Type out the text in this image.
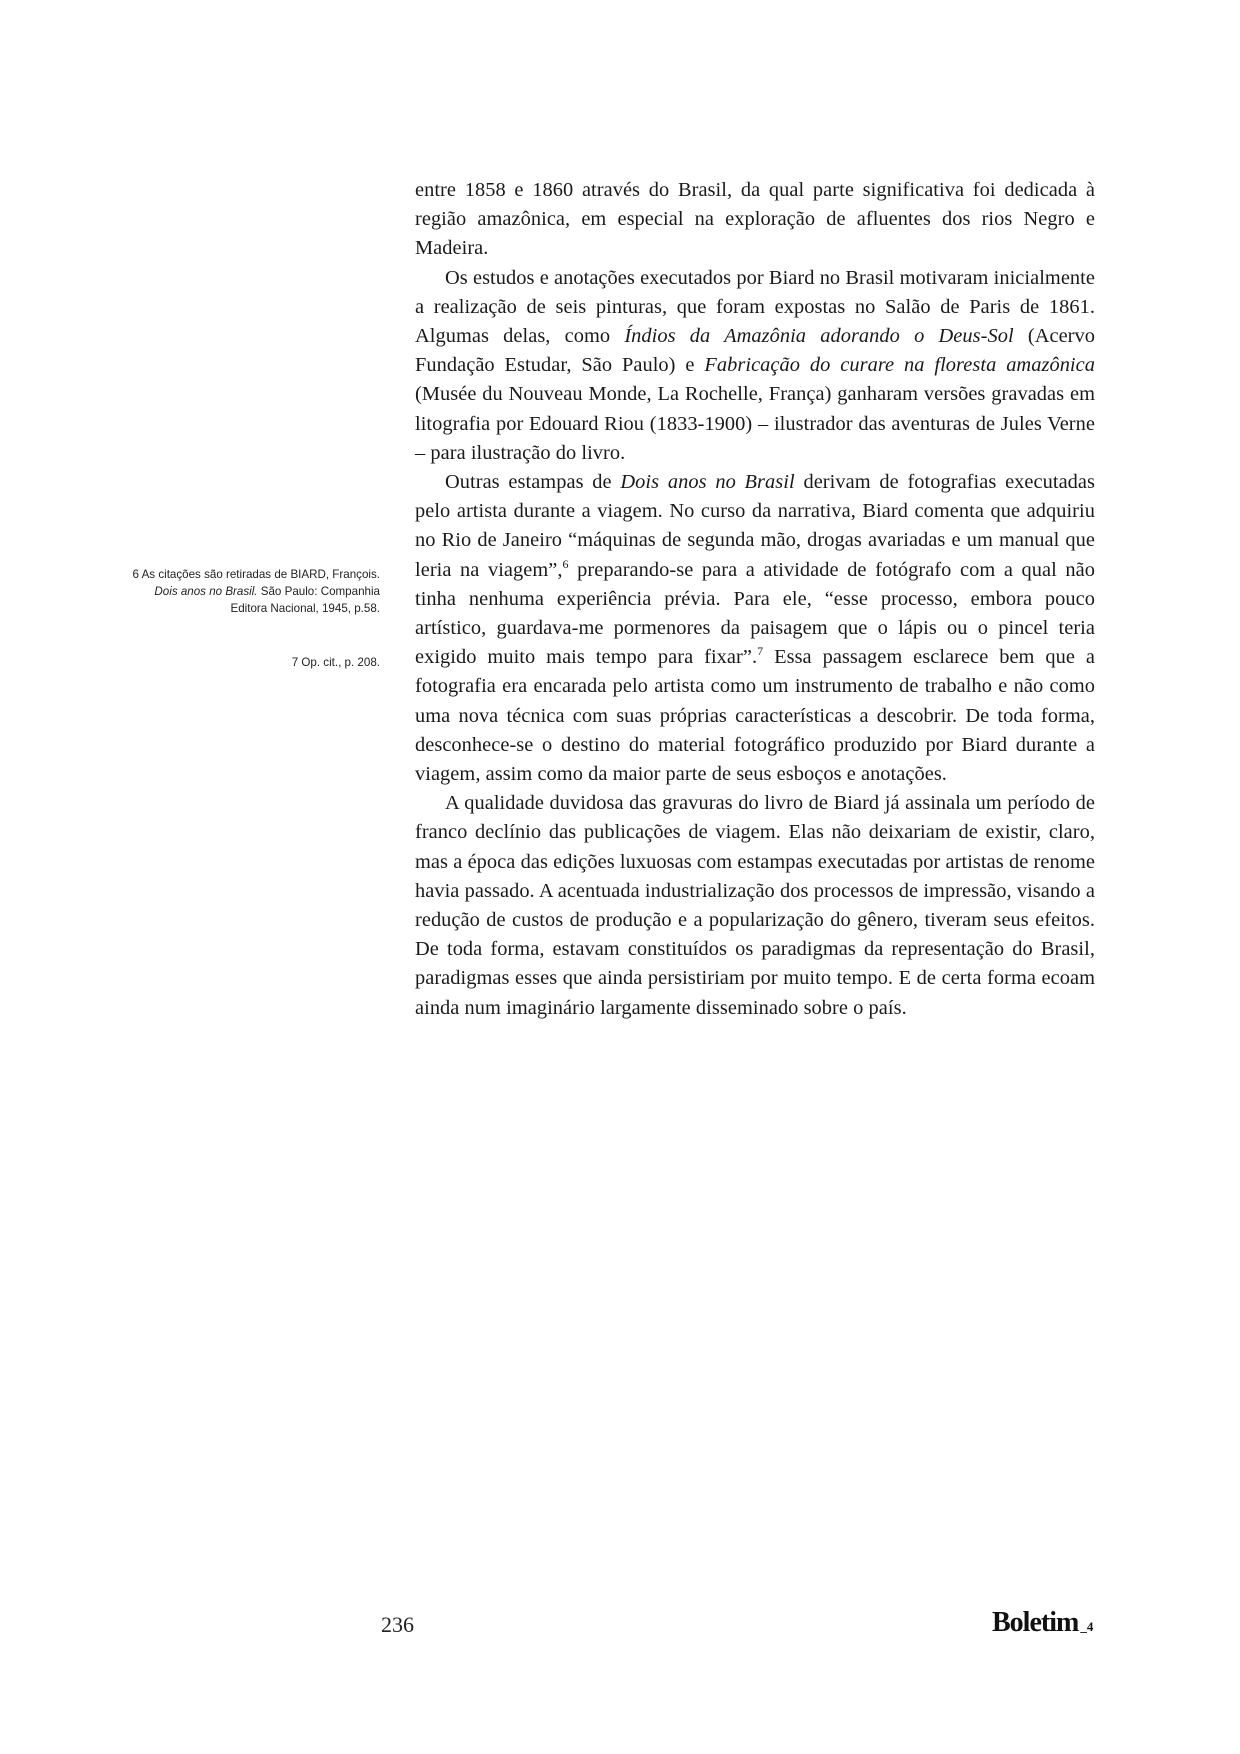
entre 1858 e 1860 através do Brasil, da qual parte significativa foi dedicada à região amazônica, em especial na exploração de afluentes dos rios Negro e Madeira.

Os estudos e anotações executados por Biard no Brasil motivaram inicialmente a realização de seis pinturas, que foram expostas no Salão de Paris de 1861. Algumas delas, como Índios da Amazônia adorando o Deus-Sol (Acervo Fundação Estudar, São Paulo) e Fabricação do curare na floresta amazônica (Musée du Nouveau Monde, La Rochelle, França) ganharam versões gravadas em litografia por Edouard Riou (1833-1900) – ilustrador das aventuras de Jules Verne – para ilustração do livro.

Outras estampas de Dois anos no Brasil derivam de fotografias executadas pelo artista durante a viagem. No curso da narrativa, Biard comenta que adquiriu no Rio de Janeiro “máquinas de segunda mão, drogas avariadas e um manual que leria na viagem”,$^6$ preparando-se para a atividade de fotógrafo com a qual não tinha nenhuma experiência prévia. Para ele, “esse processo, embora pouco artístico, guardava-me pormenores da paisagem que o lápis ou o pincel teria exigido muito mais tempo para fixar”.$^7$ Essa passagem esclarece bem que a fotografia era encarada pelo artista como um instrumento de trabalho e não como uma nova técnica com suas próprias características a descobrir. De toda forma, desconhece-se o destino do material fotográfico produzido por Biard durante a viagem, assim como da maior parte de seus esboços e anotações.

A qualidade duvidosa das gravuras do livro de Biard já assinala um período de franco declínio das publicações de viagem. Elas não deixariam de existir, claro, mas a época das edições luxuosas com estampas executadas por artistas de renome havia passado. A acentuada industrialização dos processos de impressão, visando a redução de custos de produção e a popularização do gênero, tiveram seus efeitos. De toda forma, estavam constituídos os paradigmas da representação do Brasil, paradigmas esses que ainda persistiriam por muito tempo. E de certa forma ecoam ainda num imaginário largamente disseminado sobre o país.

6 As citações são retiradas de BIARD, François. Dois anos no Brasil. São Paulo: Companhia Editora Nacional, 1945, p.58.
7 Op. cit., p. 208.
236	Boletim _4
